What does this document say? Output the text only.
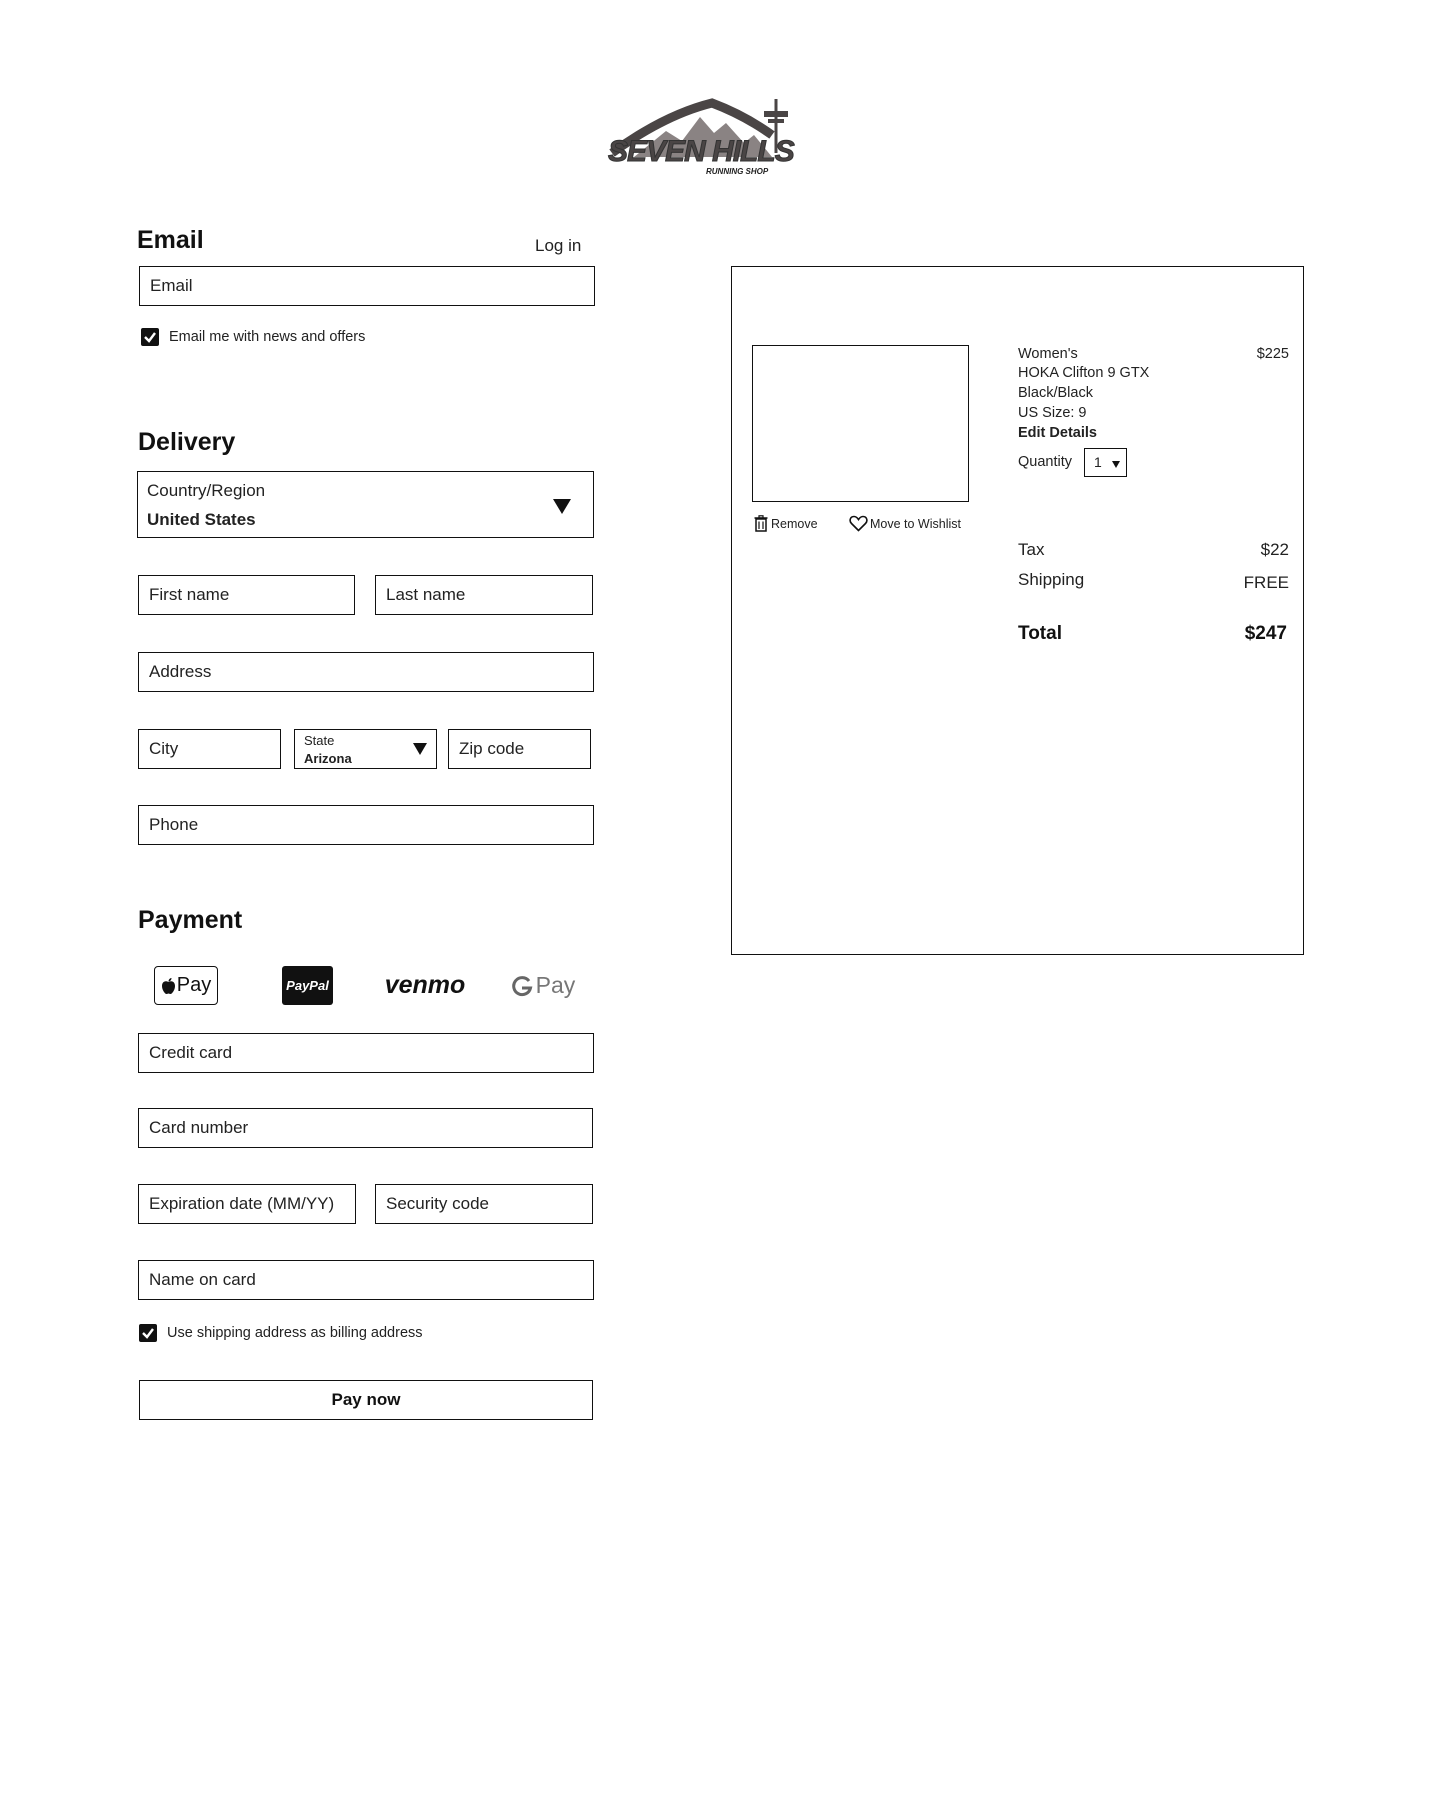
SEVEN HILLS
RUNNING SHOP
Email	Log in
Email
Email me with news and offers
Delivery
Country/Region
United States
First name	Last name
Address
City	State
Arizona
Zip code
Phone
Payment
Pay	PayPal venmo	Pay
Credit card
Card number
Expiration date (MM/YY)	Security code
Name on card
Use shipping address as billing address
Pay now
Women's
HOKA Clifton 9 GTX
Black/Black
US Size: 9
Edit Details
$225
Quantity 1
Remove	Move to Wishlist
Tax	$22
Shipping	FREE
Total	$247
